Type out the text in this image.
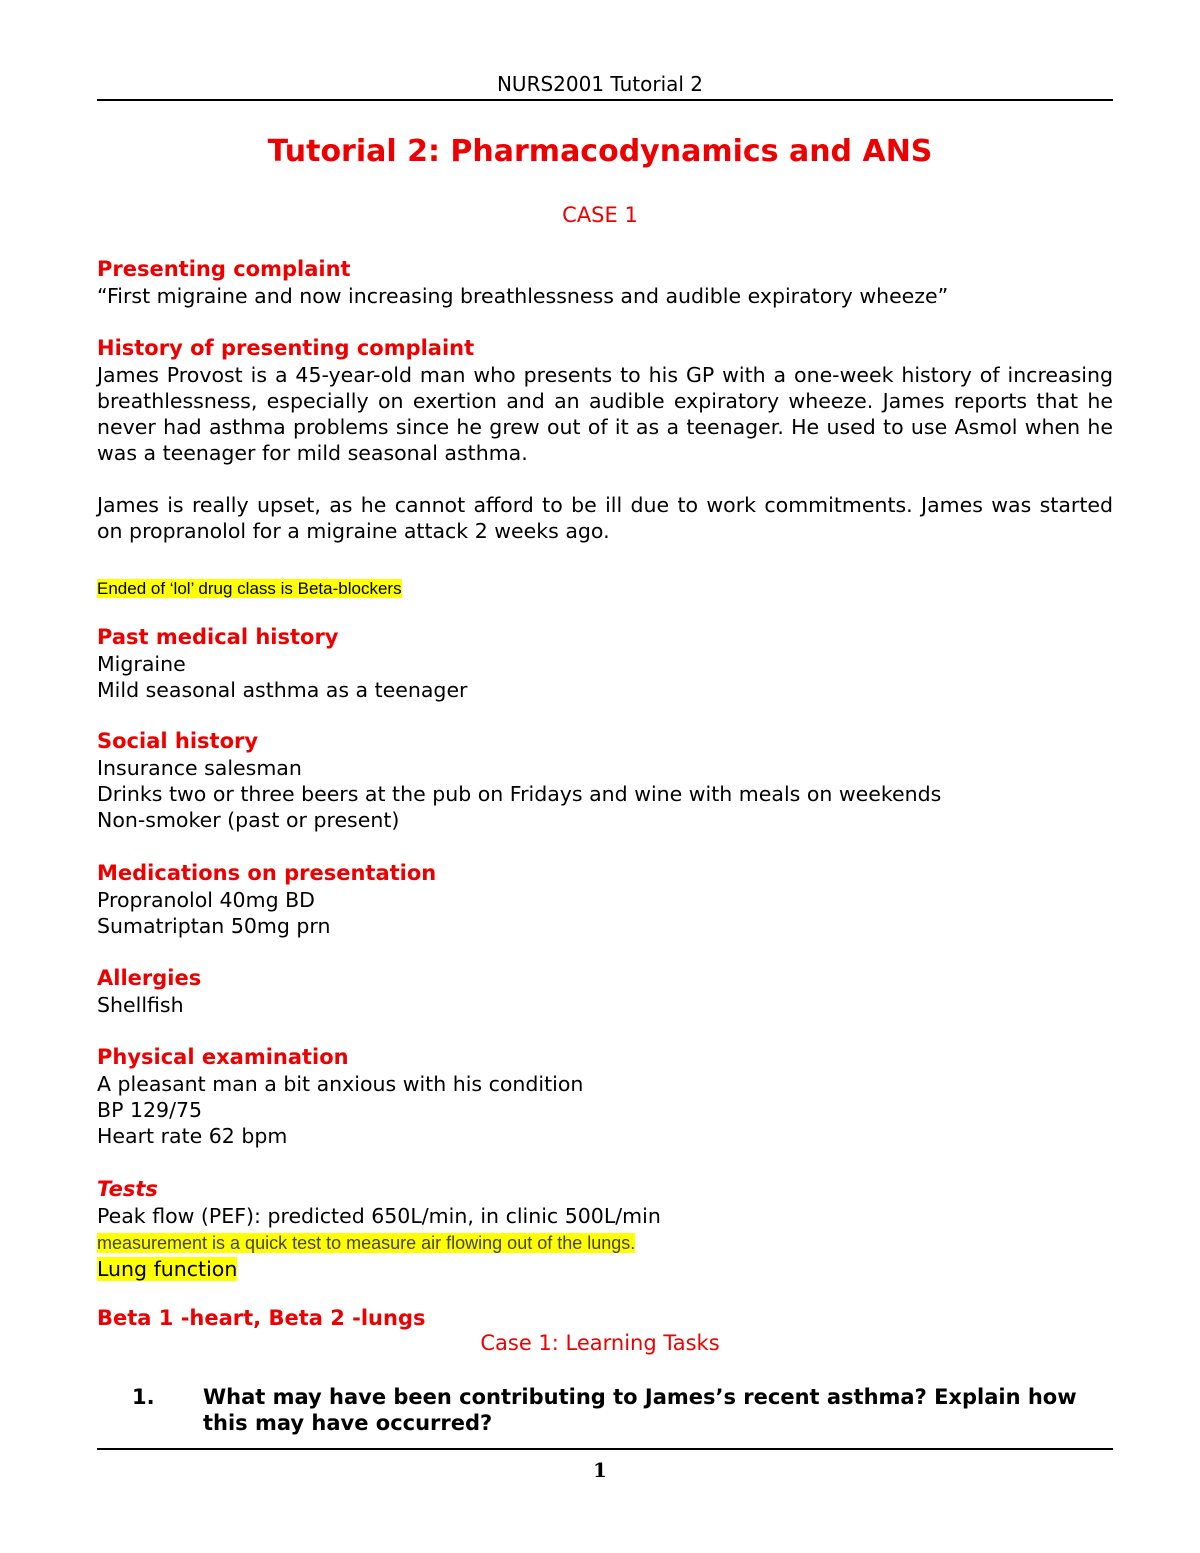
NURS2001 Tutorial 2
Tutorial 2: Pharmacodynamics and ANS
CASE 1
Presenting complaint
“First migraine and now increasing breathlessness and audible expiratory wheeze”
History of presenting complaint
James Provost is a 45-year-old man who presents to his GP with a one-week history of increasing breathlessness, especially on exertion and an audible expiratory wheeze. James reports that he never had asthma problems since he grew out of it as a teenager. He used to use Asmol when he was a teenager for mild seasonal asthma.
James is really upset, as he cannot afford to be ill due to work commitments. James was started on propranolol for a migraine attack 2 weeks ago.
Ended of ‘lol’ drug class is Beta-blockers
Past medical history
Migraine
Mild seasonal asthma as a teenager
Social history
Insurance salesman
Drinks two or three beers at the pub on Fridays and wine with meals on weekends
Non-smoker (past or present)
Medications on presentation
Propranolol 40mg BD
Sumatriptan 50mg prn
Allergies
Shellfish
Physical examination
A pleasant man a bit anxious with his condition
BP 129/75
Heart rate 62 bpm
Tests
Peak flow (PEF): predicted 650L/min, in clinic 500L/min
measurement is a quick test to measure air flowing out of the lungs.
Lung function
Beta 1 -heart, Beta 2 -lungs
Case 1: Learning Tasks
1. What may have been contributing to James’s recent asthma? Explain how this may have occurred?
1
